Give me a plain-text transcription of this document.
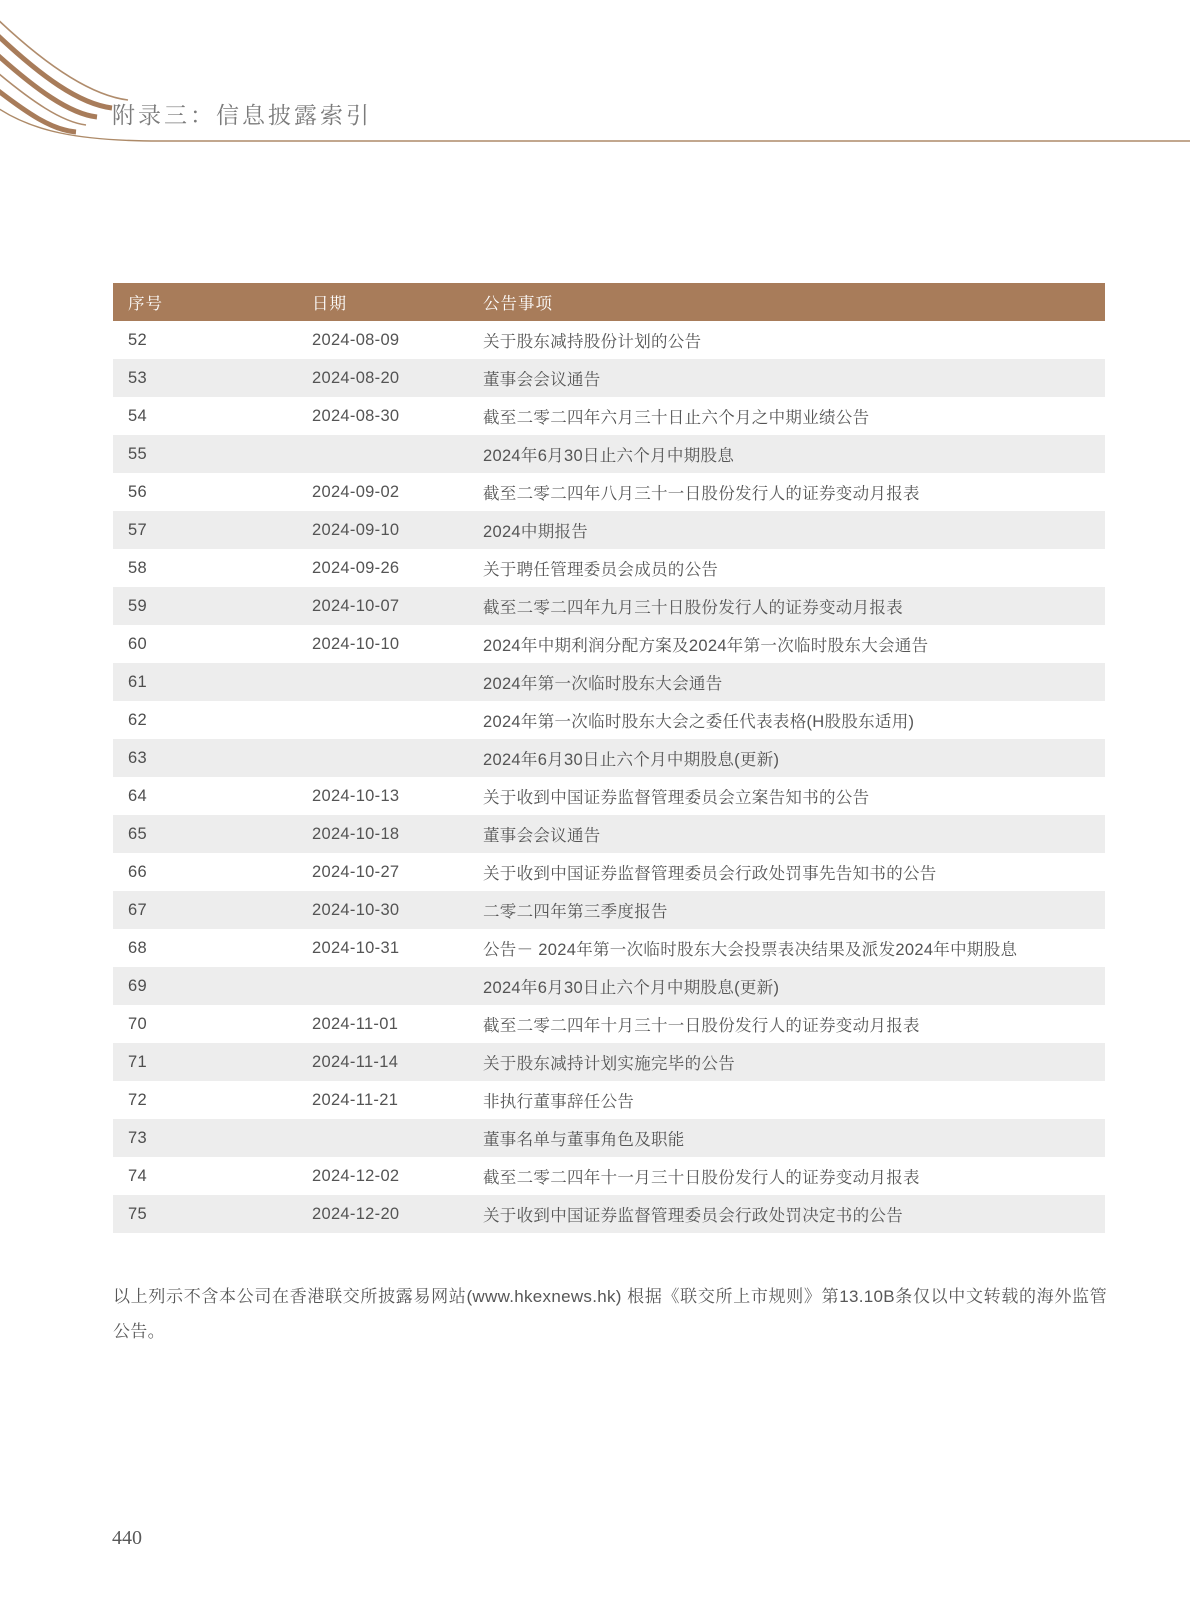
附录三：信息披露索引
序号	日期	公告事项
52	2024-08-09	关于股东减持股份计划的公告
53	2024-08-20	董事会会议通告
54	2024-08-30	截至二零二四年六月三十日止六个月之中期业绩公告
55		2024年6月30日止六个月中期股息
56	2024-09-02	截至二零二四年八月三十一日股份发行人的证券变动月报表
57	2024-09-10	2024中期报告
58	2024-09-26	关于聘任管理委员会成员的公告
59	2024-10-07	截至二零二四年九月三十日股份发行人的证券变动月报表
60	2024-10-10	2024年中期利润分配方案及2024年第一次临时股东大会通告
61		2024年第一次临时股东大会通告
62		2024年第一次临时股东大会之委任代表表格(H股股东适用)
63		2024年6月30日止六个月中期股息(更新)
64	2024-10-13	关于收到中国证券监督管理委员会立案告知书的公告
65	2024-10-18	董事会会议通告
66	2024-10-27	关于收到中国证券监督管理委员会行政处罚事先告知书的公告
67	2024-10-30	二零二四年第三季度报告
68	2024-10-31	公告－ 2024年第一次临时股东大会投票表决结果及派发2024年中期股息
69		2024年6月30日止六个月中期股息(更新)
70	2024-11-01	截至二零二四年十月三十一日股份发行人的证券变动月报表
71	2024-11-14	关于股东减持计划实施完毕的公告
72	2024-11-21	非执行董事辞任公告
73		董事名单与董事角色及职能
74	2024-12-02	截至二零二四年十一月三十日股份发行人的证券变动月报表
75	2024-12-20	关于收到中国证券监督管理委员会行政处罚决定书的公告
以上列示不含本公司在香港联交所披露易网站(www.hkexnews.hk) 根据《联交所上市规则》第13.10B条仅以中文转载的海外监管公告。
440
